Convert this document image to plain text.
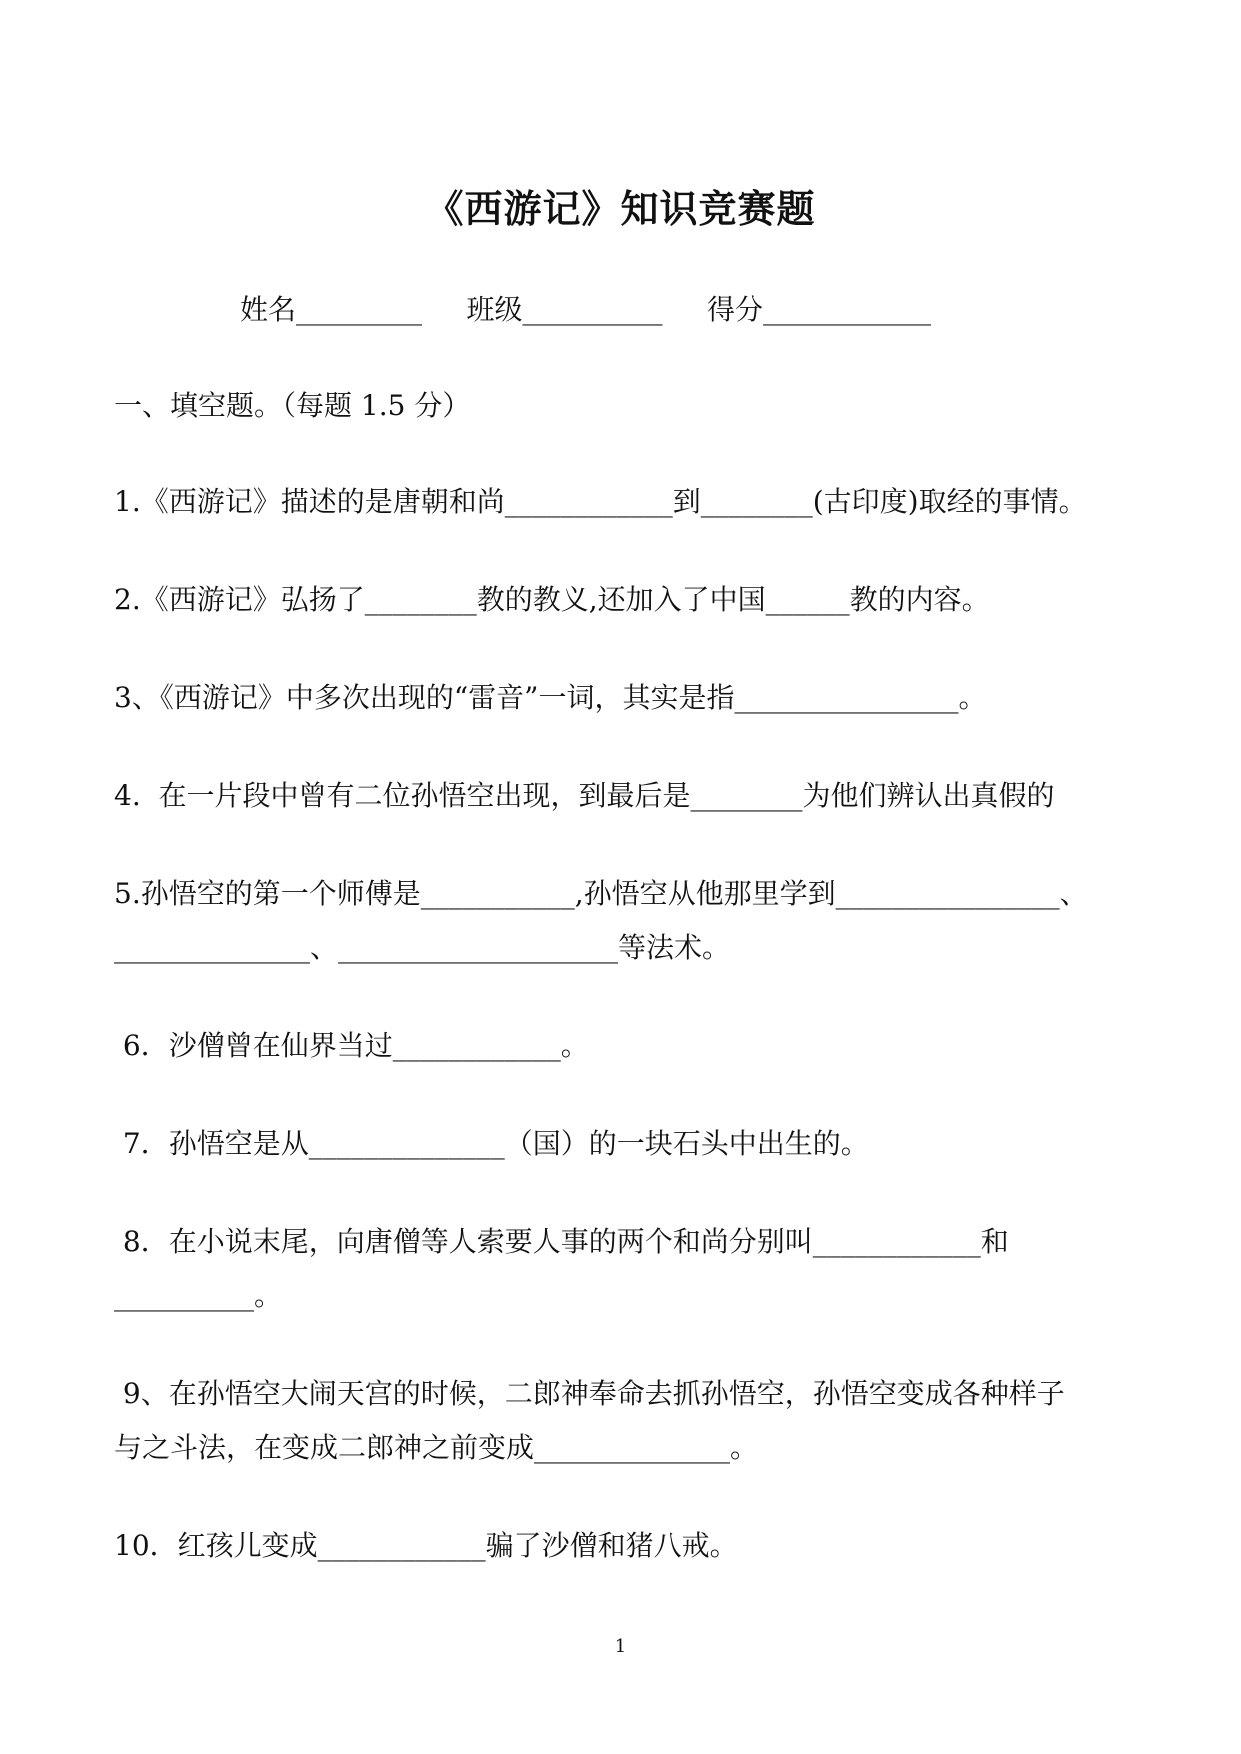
《西游记》知识竞赛题
姓名_________     班级__________     得分____________
一、填空题。（每题 1.5 分）
1.《西游记》描述的是唐朝和尚____________到________(古印度)取经的事情。
2.《西游记》弘扬了________教的教义,还加入了中国______教的内容。
3、《西游记》中多次出现的“雷音”一词，其实是指________________。
4.  在一片段中曾有二位孙悟空出现，到最后是________为他们辨认出真假的
5.孙悟空的第一个师傅是___________,孙悟空从他那里学到________________、
______________、____________________等法术。
6．沙僧曾在仙界当过____________。
7．孙悟空是从______________（国）的一块石头中出生的。
8．在小说末尾，向唐僧等人索要人事的两个和尚分别叫____________和
__________。
9、在孙悟空大闹天宫的时候，二郎神奉命去抓孙悟空，孙悟空变成各种样子
与之斗法，在变成二郎神之前变成______________。
10．红孩儿变成____________骗了沙僧和猪八戒。
1
